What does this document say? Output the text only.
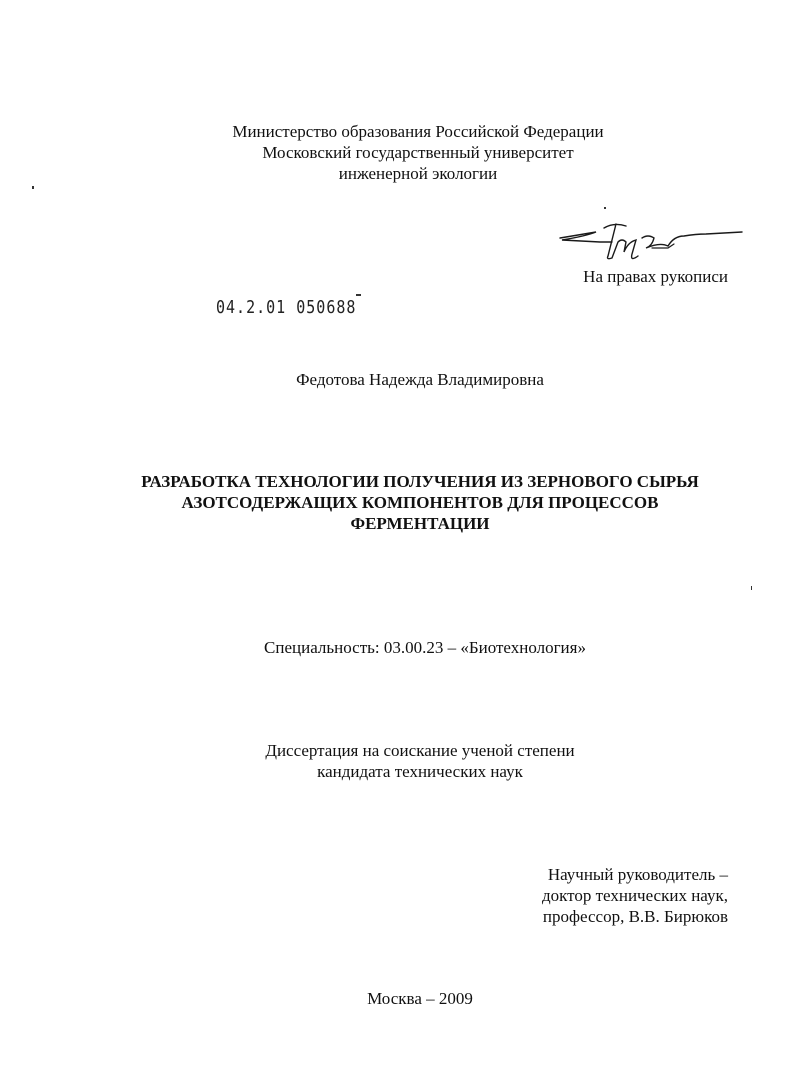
Министерство образования Российской Федерации
Московский государственный университет
инженерной экологии
На правах рукописи
04.2.01 050688
Федотова Надежда Владимировна
РАЗРАБОТКА ТЕХНОЛОГИИ ПОЛУЧЕНИЯ ИЗ ЗЕРНОВОГО СЫРЬЯ
АЗОТСОДЕРЖАЩИХ КОМПОНЕНТОВ ДЛЯ ПРОЦЕССОВ
ФЕРМЕНТАЦИИ
Специальность: 03.00.23 – «Биотехнология»
Диссертация на соискание ученой степени
кандидата технических наук
Научный руководитель –
доктор технических наук,
профессор, В.В. Бирюков
Москва – 2009
